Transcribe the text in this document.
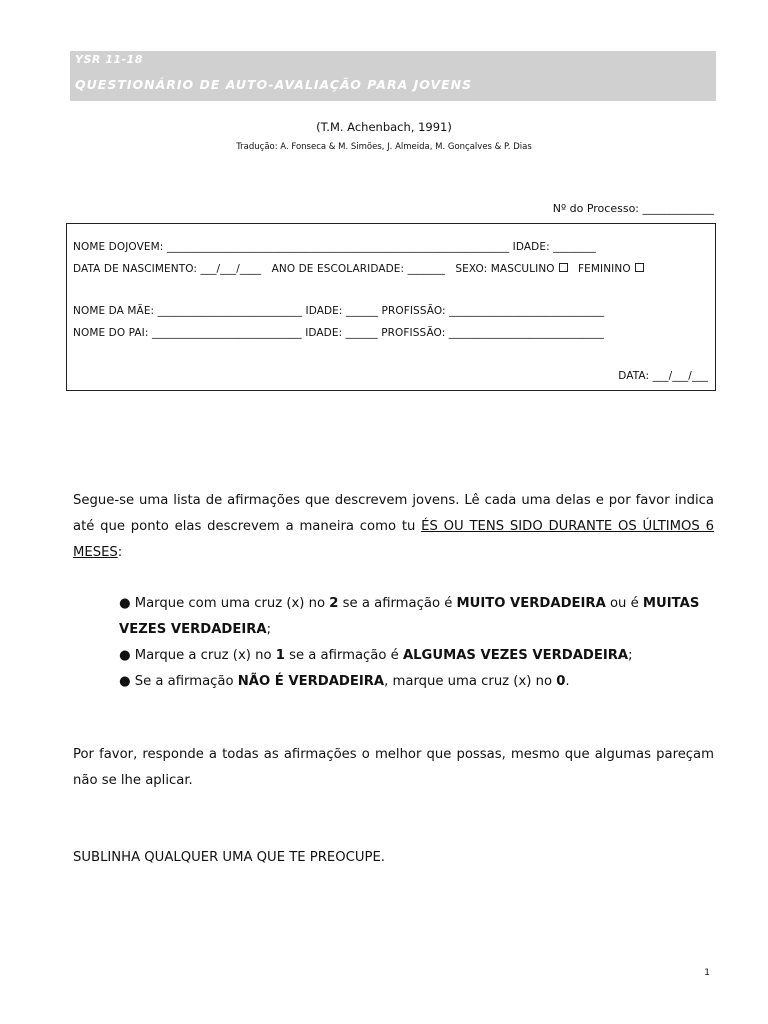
YSR 11-18
QUESTIONÁRIO DE AUTO-AVALIAÇÃO PARA JOVENS
(T.M. Achenbach, 1991)
Tradução: A. Fonseca & M. Simões, J. Almeida, M. Gonçalves & P. Dias
Nº do Processo: _____________
NOME DOJOVEM: ________________________________________________________________ IDADE: ________
DATA DE NASCIMENTO: ___/___/____   ANO DE ESCOLARIDADE: _______   SEXO: MASCULINO FEMININO
NOME DA MÃE: ___________________________ IDADE: ______ PROFISSÃO: _____________________________
NOME DO PAI: ____________________________ IDADE: ______ PROFISSÃO: _____________________________
DATA: ___/___/___
Segue-se uma lista de afirmações que descrevem jovens. Lê cada uma delas e por favor indica até que ponto elas descrevem a maneira como tu ÉS OU TENS SIDO DURANTE OS ÚLTIMOS 6 MESES:

● Marque com uma cruz (x) no 2 se a afirmação é MUITO VERDADEIRA ou é MUITAS VEZES VERDADEIRA;

● Marque a cruz (x) no 1 se a afirmação é ALGUMAS VEZES VERDADEIRA;

● Se a afirmação NÃO É VERDADEIRA, marque uma cruz (x) no 0.

Por favor, responde a todas as afirmações o melhor que possas, mesmo que algumas pareçam não se lhe aplicar.
SUBLINHA QUALQUER UMA QUE TE PREOCUPE.
1
